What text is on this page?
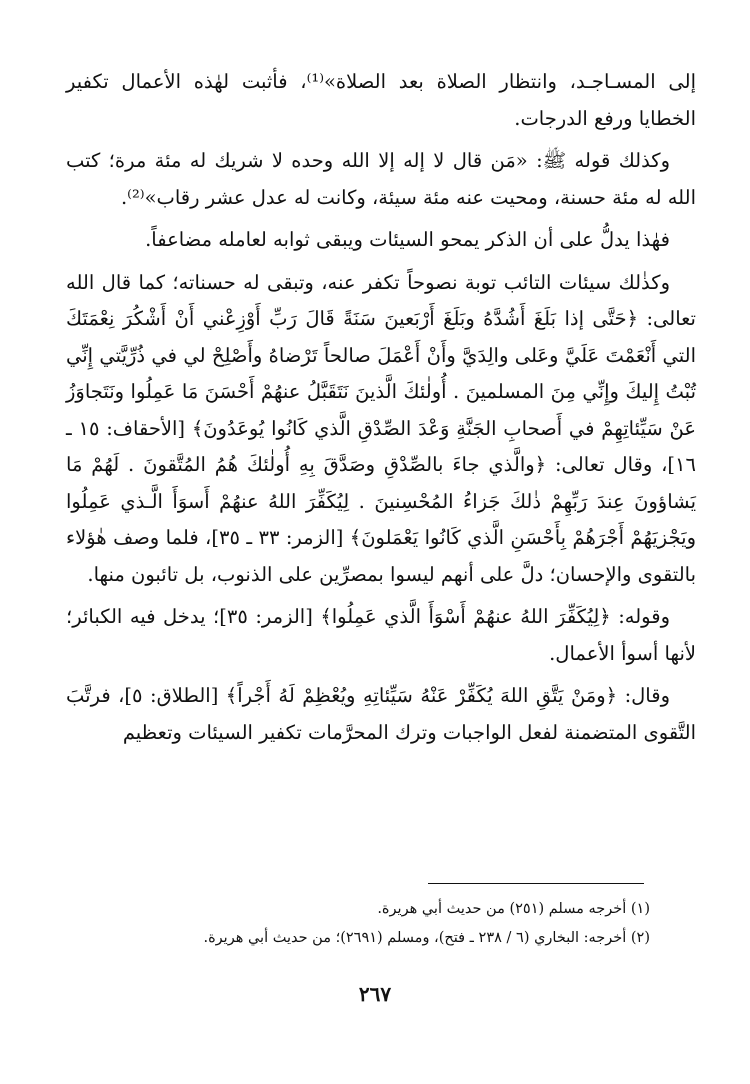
إلى المسـاجـد، وانتظار الصلاة بعد الصلاة»⁽¹⁾، فأثبت لهٰذه الأعمال تكفير الخطايا ورفع الدرجات.

وكذلك قوله ﷺ: «مَن قال لا إله إلا الله وحده لا شريك له مئة مرة؛ كتب الله له مئة حسنة، ومحيت عنه مئة سيئة، وكانت له عدل عشر رقاب»⁽²⁾.

فهٰذا يدلُّ على أن الذكر يمحو السيئات ويبقى ثوابه لعامله مضاعفاً.

وكذٰلك سيئات التائب توبة نصوحاً تكفر عنه، وتبقى له حسناته؛ كما قال الله تعالى: ﴿حَتَّى إذا بَلَغَ أَشُدَّهُ وبَلَغَ أَرْبَعينَ سَنَةً قَالَ رَبِّ أَوْزِعْني أَنْ أَشْكُرَ نِعْمَتَكَ التي أَنْعَمْتَ عَلَيَّ وعَلى والِدَيَّ وأَنْ أَعْمَلَ صالحاً تَرْضاهُ وأَصْلِحْ لي في ذُرِّيَّتي إِنِّي تُبْتُ إِليكَ وإِنِّي مِنَ المسلمينَ . أُولٰئكَ الَّذينَ نَتَقَبَّلُ عنهُمْ أَحْسَنَ مَا عَمِلُوا ونَتَجاوَزُ عَنْ سَيِّئاتِهِمْ في أَصحابِ الجَنَّةِ وَعْدَ الصِّدْقِ الَّذي كَانُوا يُوعَدُونَ﴾ [الأحقاف: ١٥ ـ ١٦]، وقال تعالى: ﴿والَّذي جاءَ بالصِّدْقِ وصَدَّقَ بِهِ أُولٰئكَ هُمُ المُتَّقونَ . لَهُمْ مَا يَشاؤونَ عِندَ رَبِّهِمْ ذٰلكَ جَزاءُ المُحْسِنينَ . لِيُكَفِّرَ اللهُ عنهُمْ أَسوَأَ الَّـذي عَمِلُوا ويَجْزيَهُمْ أَجْرَهُمْ بِأَحْسَنِ الَّذي كَانُوا يَعْمَلونَ﴾ [الزمر: ٣٣ ـ ٣٥]، فلما وصف هٰؤلاء بالتقوى والإحسان؛ دلَّ على أنهم ليسوا بمصرِّين على الذنوب، بل تائبون منها.

وقوله: ﴿لِيُكَفِّرَ اللهُ عنهُمْ أَسْوَأَ الَّذي عَمِلُوا﴾ [الزمر: ٣٥]؛ يدخل فيه الكبائر؛ لأنها أسوأ الأعمال.

وقال: ﴿ومَنْ يَتَّقِ اللهَ يُكَفِّرْ عَنْهُ سَيِّئاتِهِ ويُعْظِمْ لَهُ أَجْراً﴾ [الطلاق: ٥]، فرتَّبَ التَّقوى المتضمنة لفعل الواجبات وترك المحرَّمات تكفير السيئات وتعظيم

(١) أخرجه مسلم (٢٥١) من حديث أبي هريرة.

(٢) أخرجه: البخاري (٦ / ٢٣٨ ـ فتح)، ومسلم (٢٦٩١)؛ من حديث أبي هريرة.

٢٦٧
